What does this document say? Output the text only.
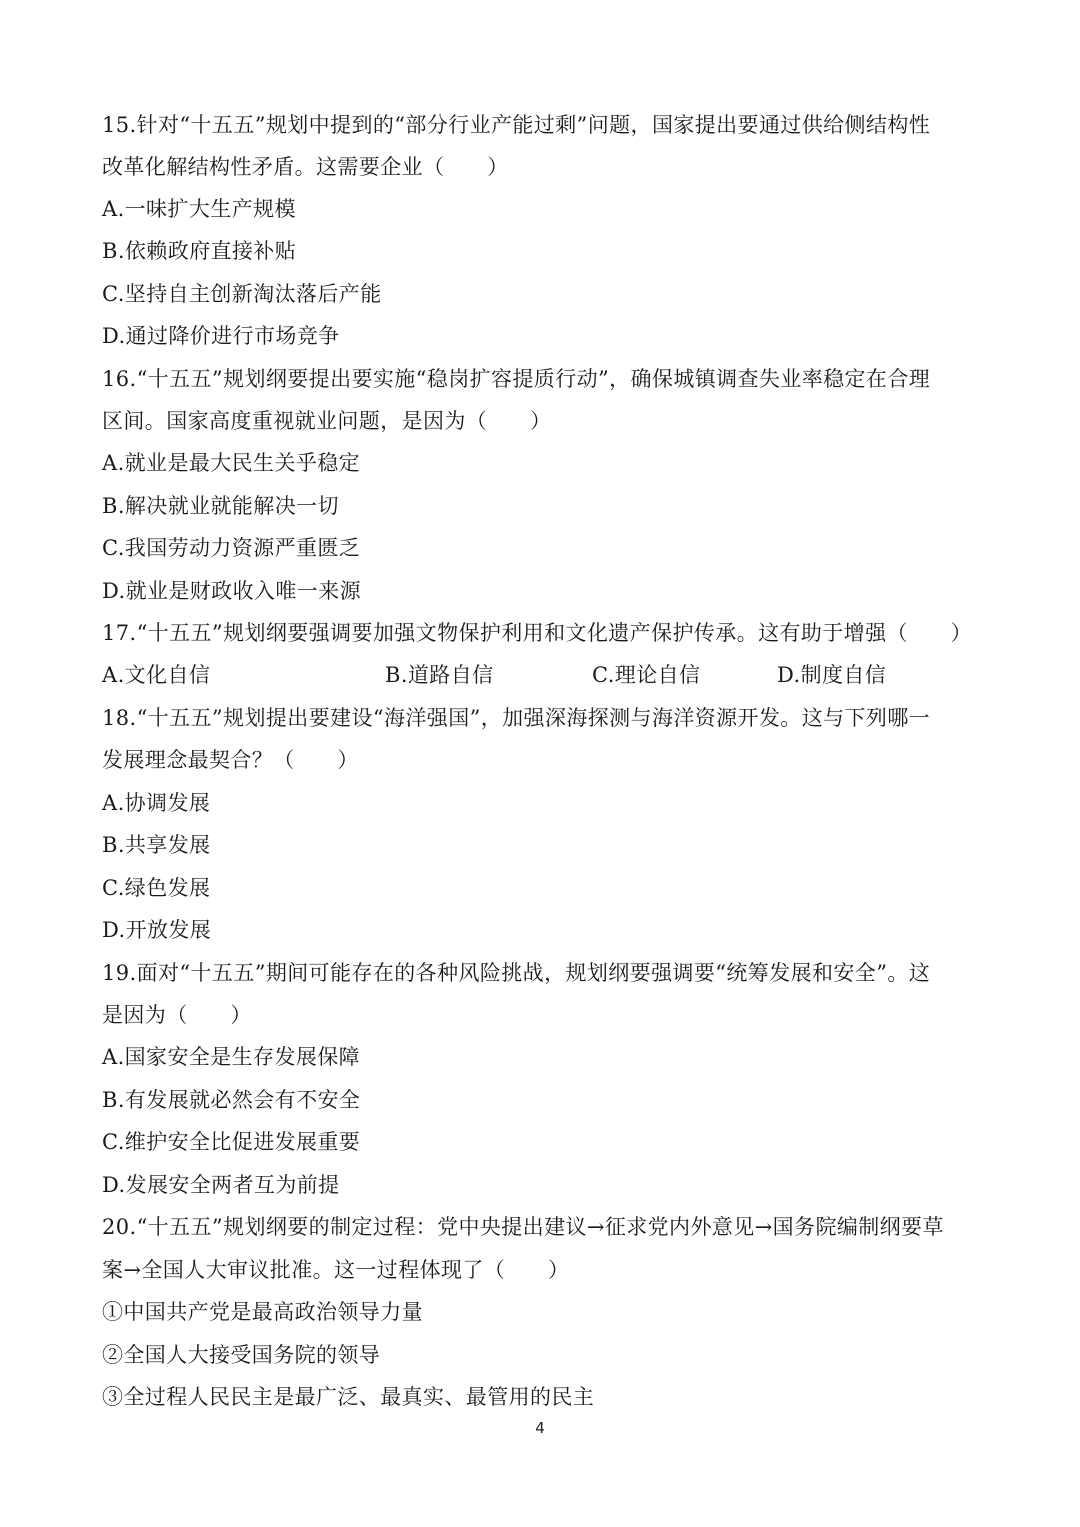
15.针对“十五五”规划中提到的“部分行业产能过剩”问题，国家提出要通过供给侧结构性
改革化解结构性矛盾。这需要企业（　　）
A.一味扩大生产规模
B.依赖政府直接补贴
C.坚持自主创新淘汰落后产能
D.通过降价进行市场竞争
16.“十五五”规划纲要提出要实施“稳岗扩容提质行动”，确保城镇调查失业率稳定在合理
区间。国家高度重视就业问题，是因为（　　）
A.就业是最大民生关乎稳定
B.解决就业就能解决一切
C.我国劳动力资源严重匮乏
D.就业是财政收入唯一来源
17.“十五五”规划纲要强调要加强文物保护利用和文化遗产保护传承。这有助于增强（　　）
A.文化自信	B.道路自信	C.理论自信	D.制度自信
18.“十五五”规划提出要建设“海洋强国”，加强深海探测与海洋资源开发。这与下列哪一
发展理念最契合？（　　）
A.协调发展
B.共享发展
C.绿色发展
D.开放发展
19.面对“十五五”期间可能存在的各种风险挑战，规划纲要强调要“统筹发展和安全”。这
是因为（　　）
A.国家安全是生存发展保障
B.有发展就必然会有不安全
C.维护安全比促进发展重要
D.发展安全两者互为前提
20.“十五五”规划纲要的制定过程：党中央提出建议→征求党内外意见→国务院编制纲要草
案→全国人大审议批准。这一过程体现了（　　）
①中国共产党是最高政治领导力量
②全国人大接受国务院的领导
③全过程人民民主是最广泛、最真实、最管用的民主
4
